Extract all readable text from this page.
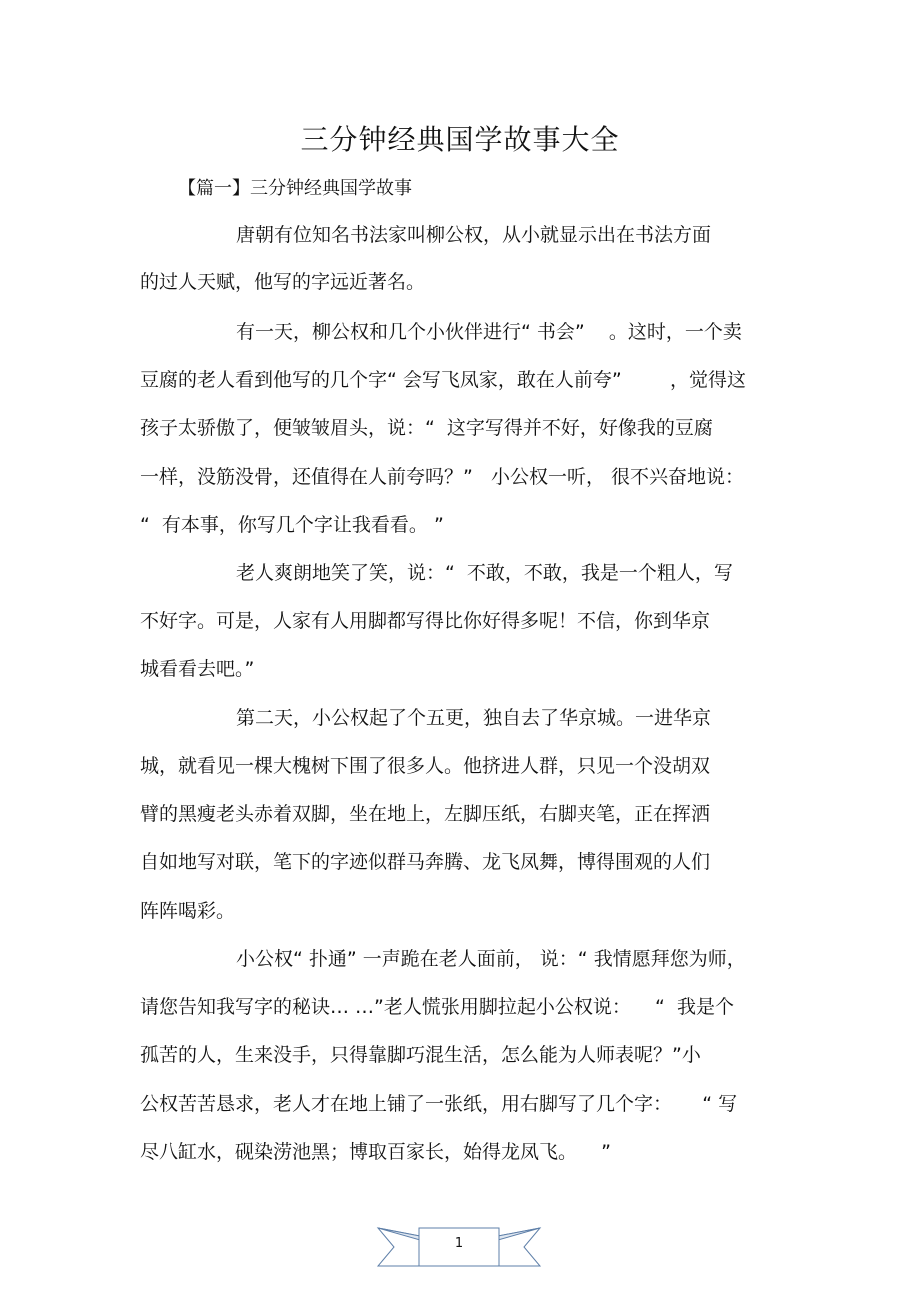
三分钟经典国学故事大全
【篇一】三分钟经典国学故事
唐朝有位知名书法家叫柳公权，从小就显示出在书法方面
的过人天赋，他写的字远近著名。
有一天，柳公权和几个小伙伴进行“ 书会”    。这时，一个卖
豆腐的老人看到他写的几个字“ 会写飞凤家，敢在人前夸”        ，觉得这
孩子太骄傲了，便皱皱眉头，说：“  这字写得并不好，好像我的豆腐
一样，没筋没骨，还值得在人前夸吗？”   小公权一听， 很不兴奋地说：
“  有本事，你写几个字让我看看。 ”
老人爽朗地笑了笑，说：“  不敢，不敢，我是一个粗人，写
不好字。可是，人家有人用脚都写得比你好得多呢！不信，你到华京
城看看去吧。”
第二天，小公权起了个五更，独自去了华京城。一进华京
城，就看见一棵大槐树下围了很多人。他挤进人群，只见一个没胡双
臂的黑瘦老头赤着双脚，坐在地上，左脚压纸，右脚夹笔，正在挥洒
自如地写对联，笔下的字迹似群马奔腾、龙飞凤舞，博得围观的人们
阵阵喝彩。
小公权“ 扑通” 一声跪在老人面前， 说：“ 我情愿拜您为师，
请您告知我写字的秘诀… …”老人慌张用脚拉起小公权说：    “  我是个
孤苦的人，生来没手，只得靠脚巧混生活，怎么能为人师表呢？”小
公权苦苦恳求，老人才在地上铺了一张纸，用右脚写了几个字：     “ 写
尽八缸水，砚染涝池黑；博取百家长，始得龙凤飞。    ”
1
